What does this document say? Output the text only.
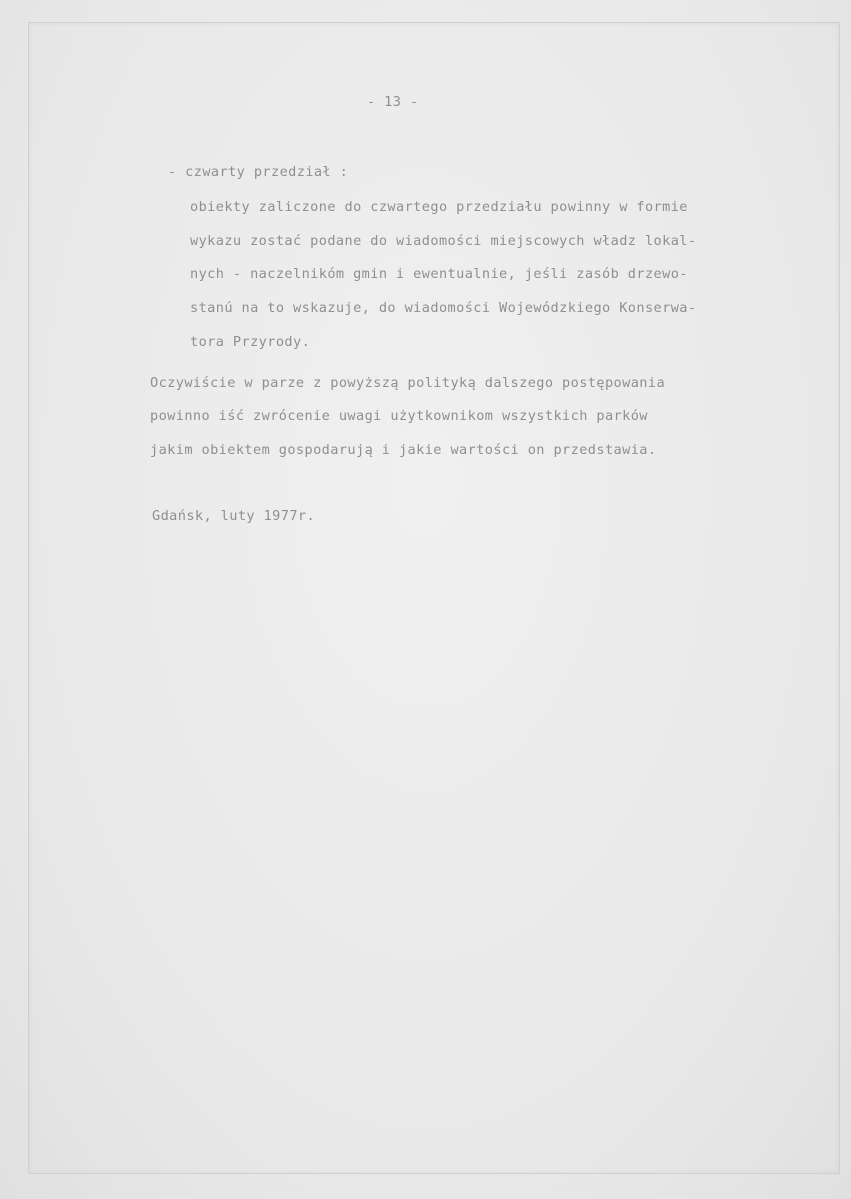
- 13 -
- czwarty przedział :
obiekty zaliczone do czwartego przedziału powinny w formie
wykazu zostać podane do wiadomości miejscowych władz lokal-
nych - naczelnikóm gmin i ewentualnie, jeśli zasób drzewo-
stanú na to wskazuje, do wiadomości Wojewódzkiego Konserwa-
tora Przyrody.
Oczywiście w parze z powyższą polityką dalszego postępowania
powinno iść zwrócenie uwagi użytkownikom wszystkich parków
jakim obiektem gospodarują i jakie wartości on przedstawia.
Gdańsk, luty 1977r.
